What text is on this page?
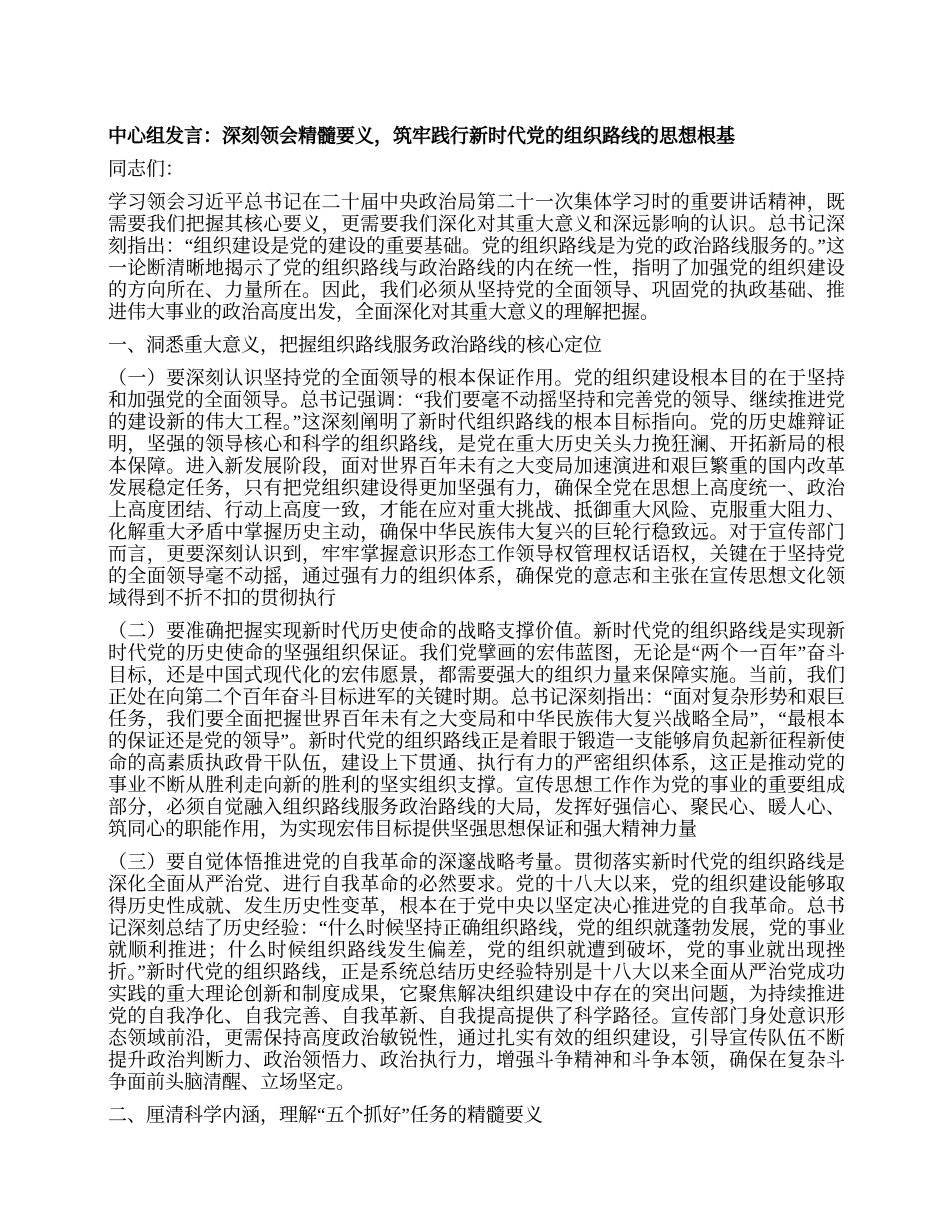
中心组发言：深刻领会精髓要义，筑牢践行新时代党的组织路线的思想根基

同志们：

学习领会习近平总书记在二十届中央政治局第二十一次集体学习时的重要讲话精神，既需要我们把握其核心要义，更需要我们深化对其重大意义和深远影响的认识。总书记深刻指出：“组织建设是党的建设的重要基础。党的组织路线是为党的政治路线服务的。”这一论断清晰地揭示了党的组织路线与政治路线的内在统一性，指明了加强党的组织建设的方向所在、力量所在。因此，我们必须从坚持党的全面领导、巩固党的执政基础、推进伟大事业的政治高度出发，全面深化对其重大意义的理解把握。

一、洞悉重大意义，把握组织路线服务政治路线的核心定位

（一）要深刻认识坚持党的全面领导的根本保证作用。党的组织建设根本目的在于坚持和加强党的全面领导。总书记强调：“我们要毫不动摇坚持和完善党的领导、继续推进党的建设新的伟大工程。”这深刻阐明了新时代组织路线的根本目标指向。党的历史雄辩证明，坚强的领导核心和科学的组织路线，是党在重大历史关头力挽狂澜、开拓新局的根本保障。进入新发展阶段，面对世界百年未有之大变局加速演进和艰巨繁重的国内改革发展稳定任务，只有把党组织建设得更加坚强有力，确保全党在思想上高度统一、政治上高度团结、行动上高度一致，才能在应对重大挑战、抵御重大风险、克服重大阻力、化解重大矛盾中掌握历史主动，确保中华民族伟大复兴的巨轮行稳致远。对于宣传部门而言，更要深刻认识到，牢牢掌握意识形态工作领导权管理权话语权，关键在于坚持党的全面领导毫不动摇，通过强有力的组织体系，确保党的意志和主张在宣传思想文化领域得到不折不扣的贯彻执行

（二）要准确把握实现新时代历史使命的战略支撑价值。新时代党的组织路线是实现新时代党的历史使命的坚强组织保证。我们党擘画的宏伟蓝图，无论是“两个一百年”奋斗目标，还是中国式现代化的宏伟愿景，都需要强大的组织力量来保障实施。当前，我们正处在向第二个百年奋斗目标进军的关键时期。总书记深刻指出：“面对复杂形势和艰巨任务，我们要全面把握世界百年未有之大变局和中华民族伟大复兴战略全局”，“最根本的保证还是党的领导”。新时代党的组织路线正是着眼于锻造一支能够肩负起新征程新使命的高素质执政骨干队伍，建设上下贯通、执行有力的严密组织体系，这正是推动党的事业不断从胜利走向新的胜利的坚实组织支撑。宣传思想工作作为党的事业的重要组成部分，必须自觉融入组织路线服务政治路线的大局，发挥好强信心、聚民心、暖人心、筑同心的职能作用，为实现宏伟目标提供坚强思想保证和强大精神力量

（三）要自觉体悟推进党的自我革命的深邃战略考量。贯彻落实新时代党的组织路线是深化全面从严治党、进行自我革命的必然要求。党的十八大以来，党的组织建设能够取得历史性成就、发生历史性变革，根本在于党中央以坚定决心推进党的自我革命。总书记深刻总结了历史经验：“什么时候坚持正确组织路线，党的组织就蓬勃发展，党的事业就顺利推进；什么时候组织路线发生偏差，党的组织就遭到破坏，党的事业就出现挫折。”新时代党的组织路线，正是系统总结历史经验特别是十八大以来全面从严治党成功实践的重大理论创新和制度成果，它聚焦解决组织建设中存在的突出问题，为持续推进党的自我净化、自我完善、自我革新、自我提高提供了科学路径。宣传部门身处意识形态领域前沿，更需保持高度政治敏锐性，通过扎实有效的组织建设，引导宣传队伍不断提升政治判断力、政治领悟力、政治执行力，增强斗争精神和斗争本领，确保在复杂斗争面前头脑清醒、立场坚定。

二、厘清科学内涵，理解“五个抓好”任务的精髓要义
